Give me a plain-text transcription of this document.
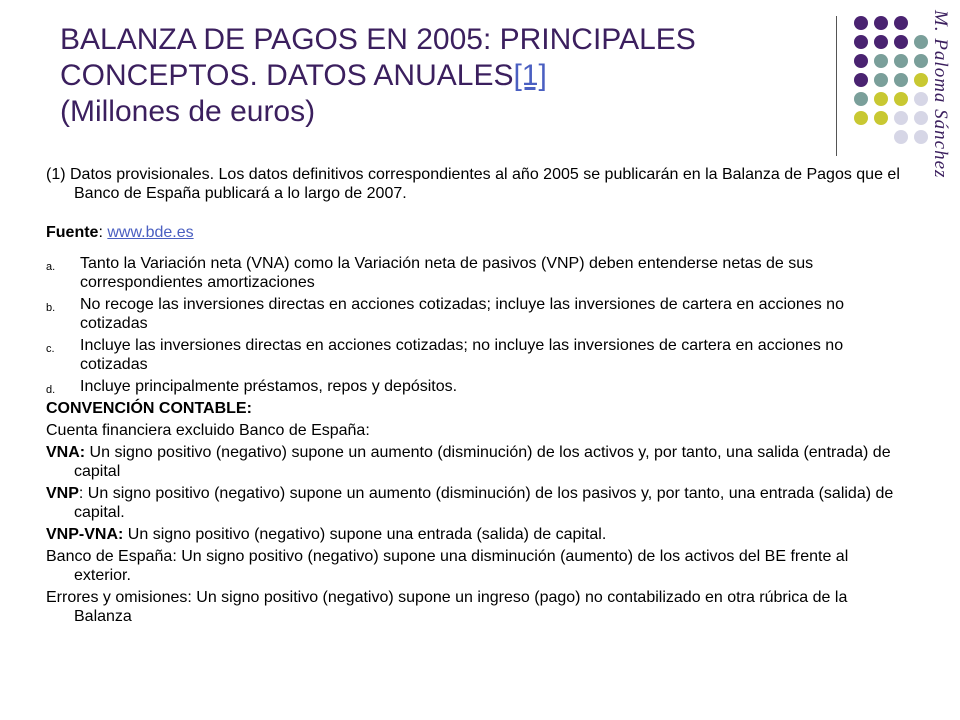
BALANZA DE PAGOS EN 2005: PRINCIPALES
CONCEPTOS. DATOS ANUALES[1]
(Millones de euros)	M. Paloma Sánchez

(1) Datos provisionales. Los datos definitivos correspondientes al año 2005 se publicarán en la Balanza de Pagos que el Banco de España publicará a lo largo de 2007.

Fuente: www.bde.es

a. Tanto la Variación neta (VNA) como la Variación neta de pasivos (VNP) deben entenderse netas de sus correspondientes amortizaciones
b. No recoge las inversiones directas en acciones cotizadas; incluye las inversiones de cartera en acciones no cotizadas
c. Incluye las inversiones directas en acciones cotizadas; no incluye las inversiones de cartera en acciones no cotizadas
d. Incluye principalmente préstamos, repos y depósitos.

CONVENCIÓN CONTABLE:

Cuenta financiera excluido Banco de España:

VNA: Un signo positivo (negativo) supone un aumento (disminución) de los activos y, por tanto, una salida (entrada) de capital

VNP: Un signo positivo (negativo) supone un aumento (disminución) de los pasivos y, por tanto, una entrada (salida) de capital.

VNP-VNA: Un signo positivo (negativo) supone una entrada (salida) de capital.

Banco de España: Un signo positivo (negativo) supone una disminución (aumento) de los activos del BE frente al exterior.

Errores y omisiones: Un signo positivo (negativo) supone un ingreso (pago) no contabilizado en otra rúbrica de la Balanza
